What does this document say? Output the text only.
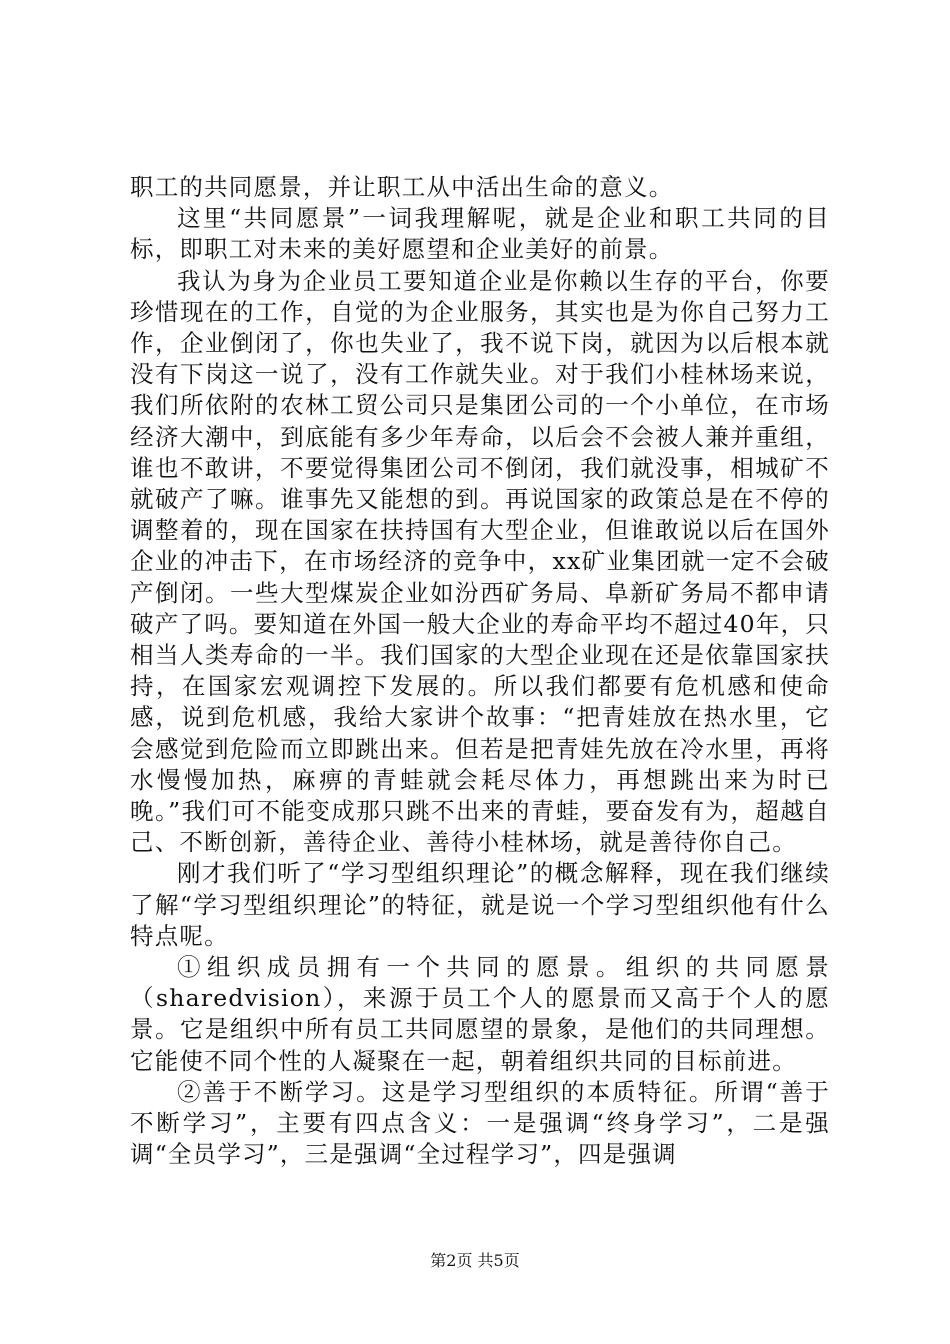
职工的共同愿景，并让职工从中活出生命的意义。

这里“共同愿景”一词我理解呢，就是企业和职工共同的目标，即职工对未来的美好愿望和企业美好的前景。

我认为身为企业员工要知道企业是你赖以生存的平台，你要珍惜现在的工作，自觉的为企业服务，其实也是为你自己努力工作，企业倒闭了，你也失业了，我不说下岗，就因为以后根本就没有下岗这一说了，没有工作就失业。对于我们小桂林场来说，我们所依附的农林工贸公司只是集团公司的一个小单位，在市场经济大潮中，到底能有多少年寿命，以后会不会被人兼并重组，谁也不敢讲，不要觉得集团公司不倒闭，我们就没事，相城矿不就破产了嘛。谁事先又能想的到。再说国家的政策总是在不停的调整着的，现在国家在扶持国有大型企业，但谁敢说以后在国外企业的冲击下，在市场经济的竞争中，xx矿业集团就一定不会破产倒闭。一些大型煤炭企业如汾西矿务局、阜新矿务局不都申请破产了吗。要知道在外国一般大企业的寿命平均不超过40年，只相当人类寿命的一半。我们国家的大型企业现在还是依靠国家扶持，在国家宏观调控下发展的。所以我们都要有危机感和使命感，说到危机感，我给大家讲个故事：“把青娃放在热水里，它会感觉到危险而立即跳出来。但若是把青娃先放在冷水里，再将水慢慢加热，麻痹的青蛙就会耗尽体力，再想跳出来为时已晚。”我们可不能变成那只跳不出来的青蛙，要奋发有为，超越自己、不断创新，善待企业、善待小桂林场，就是善待你自己。

刚才我们听了“学习型组织理论”的概念解释，现在我们继续了解“学习型组织理论”的特征，就是说一个学习型组织他有什么特点呢。

①组织成员拥有一个共同的愿景。组织的共同愿景（sharedvision），来源于员工个人的愿景而又高于个人的愿景。它是组织中所有员工共同愿望的景象，是他们的共同理想。它能使不同个性的人凝聚在一起，朝着组织共同的目标前进。

②善于不断学习。这是学习型组织的本质特征。所谓“善于不断学习”，主要有四点含义：一是强调“终身学习”，二是强调“全员学习”，三是强调“全过程学习”，四是强调

第2页 共5页
